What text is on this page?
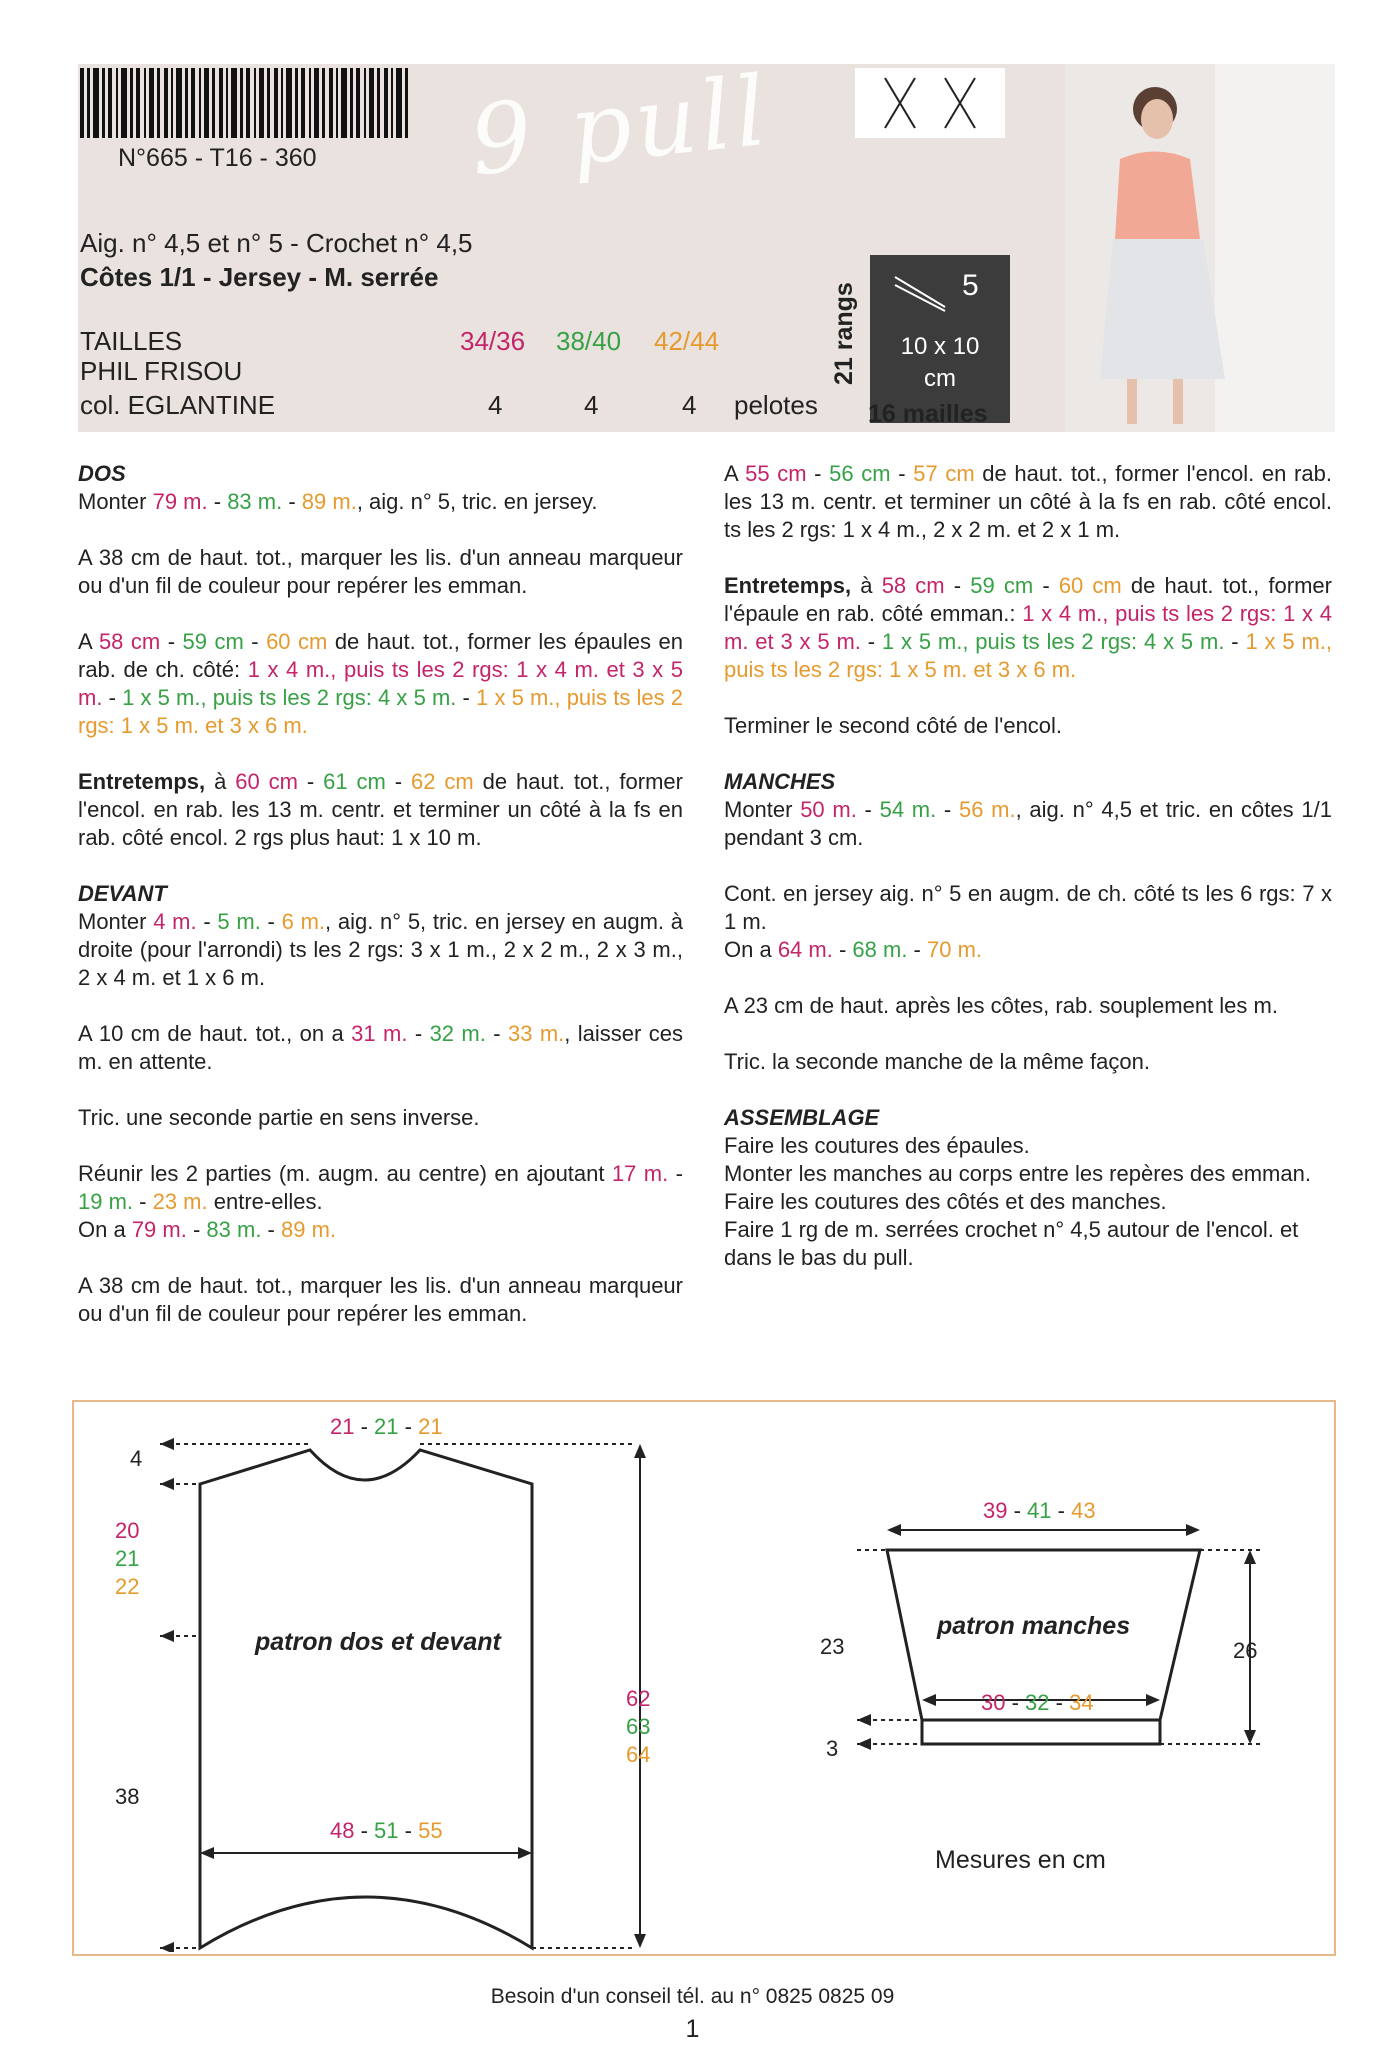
N°665 - T16 - 360 9 pull
Aig. n° 4,5 et n° 5 - Crochet n° 4,5
Côtes 1/1 - Jersey - M. serrée
TAILLES	34/36 38/40 42/44
PHIL FRISOU
col. EGLANTINE	4	4	4 pelotes
5
10 x 10
cm
21 rangs
16 mailles
DOS

Monter 79 m. - 83 m. - 89 m., aig. n° 5, tric. en jersey.

A 38 cm de haut. tot., marquer les lis. d'un anneau marqueur ou d'un fil de couleur pour repérer les emman.

A 58 cm - 59 cm - 60 cm de haut. tot., former les épaules en rab. de ch. côté: 1 x 4 m., puis ts les 2 rgs: 1 x 4 m. et 3 x 5 m. - 1 x 5 m., puis ts les 2 rgs: 4 x 5 m. - 1 x 5 m., puis ts les 2 rgs: 1 x 5 m. et 3 x 6 m.

Entretemps, à 60 cm - 61 cm - 62 cm de haut. tot., former l'encol. en rab. les 13 m. centr. et terminer un côté à la fs en rab. côté encol. 2 rgs plus haut: 1 x 10 m.

DEVANT

Monter 4 m. - 5 m. - 6 m., aig. n° 5, tric. en jersey en augm. à droite (pour l'arrondi) ts les 2 rgs: 3 x 1 m., 2 x 2 m., 2 x 3 m., 2 x 4 m. et 1 x 6 m.

A 10 cm de haut. tot., on a 31 m. - 32 m. - 33 m., laisser ces m. en attente.

Tric. une seconde partie en sens inverse.

Réunir les 2 parties (m. augm. au centre) en ajoutant 17 m. - 19 m. - 23 m. entre-elles.
On a 79 m. - 83 m. - 89 m.

A 38 cm de haut. tot., marquer les lis. d'un anneau marqueur ou d'un fil de couleur pour repérer les emman.

A 55 cm - 56 cm - 57 cm de haut. tot., former l'encol. en rab. les 13 m. centr. et terminer un côté à la fs en rab. côté encol. ts les 2 rgs: 1 x 4 m., 2 x 2 m. et 2 x 1 m.

Entretemps, à 58 cm - 59 cm - 60 cm de haut. tot., former l'épaule en rab. côté emman.: 1 x 4 m., puis ts les 2 rgs: 1 x 4 m. et 3 x 5 m. - 1 x 5 m., puis ts les 2 rgs: 4 x 5 m. - 1 x 5 m., puis ts les 2 rgs: 1 x 5 m. et 3 x 6 m.

Terminer le second côté de l'encol.

MANCHES

Monter 50 m. - 54 m. - 56 m., aig. n° 4,5 et tric. en côtes 1/1 pendant 3 cm.

Cont. en jersey aig. n° 5 en augm. de ch. côté ts les 6 rgs: 7 x 1 m.
On a 64 m. - 68 m. - 70 m.

A 23 cm de haut. après les côtes, rab. souplement les m.

Tric. la seconde manche de la même façon.

ASSEMBLAGE

Faire les coutures des épaules.
Monter les manches au corps entre les repères des emman.
Faire les coutures des côtés et des manches.
Faire 1 rg de m. serrées crochet n° 4,5 autour de l'encol. et dans le bas du pull.

21 - 21 - 21
4
20
21
22
38
patron dos et devant
62
63
64
48 - 51 - 55
39 - 41 - 43
patron manches
23	26
30 - 32 - 34
3
Mesures en cm
Besoin d'un conseil tél. au n° 0825 0825 09
1
